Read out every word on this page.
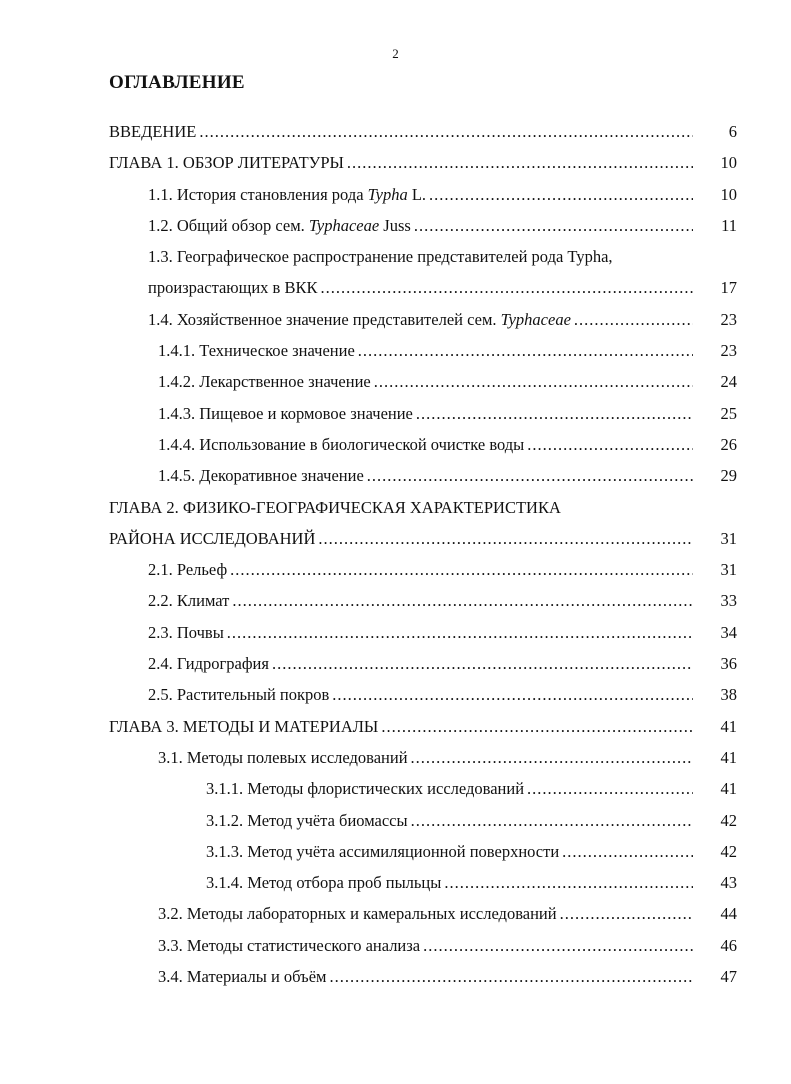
2
ОГЛАВЛЕНИЕ
ВВЕДЕНИЕ .....	6
ГЛАВА 1. ОБЗОР ЛИТЕРАТУРЫ .....	10
1.1. История становления рода Typha L. .....	10
1.2. Общий обзор сем. Typhaceae Juss .....	11
1.3. Географическое распространение представителей рода Typha,
произрастающих в ВКК .....	17
1.4. Хозяйственное значение представителей сем. Typhaceae .....	23
1.4.1. Техническое значение .....	23
1.4.2. Лекарственное значение .....	24
1.4.3. Пищевое и кормовое значение .....	25
1.4.4. Использование в биологической очистке воды .....	26
1.4.5. Декоративное значение .....	29
ГЛАВА 2. ФИЗИКО-ГЕОГРАФИЧЕСКАЯ ХАРАКТЕРИСТИКА
РАЙОНА ИССЛЕДОВАНИЙ .....	31
2.1. Рельеф .....	31
2.2. Климат .....	33
2.3. Почвы .....	34
2.4. Гидрография .....	36
2.5. Растительный покров .....	38
ГЛАВА 3. МЕТОДЫ И МАТЕРИАЛЫ .....	41
3.1. Методы полевых исследований .....	41
3.1.1. Методы флористических исследований .....	41
3.1.2. Метод учёта биомассы .....	42
3.1.3. Метод учёта ассимиляционной поверхности .....	42
3.1.4. Метод отбора проб пыльцы .....	43
3.2. Методы лабораторных и камеральных исследований .....	44
3.3. Методы статистического анализа .....	46
3.4. Материалы и объём .....	47
